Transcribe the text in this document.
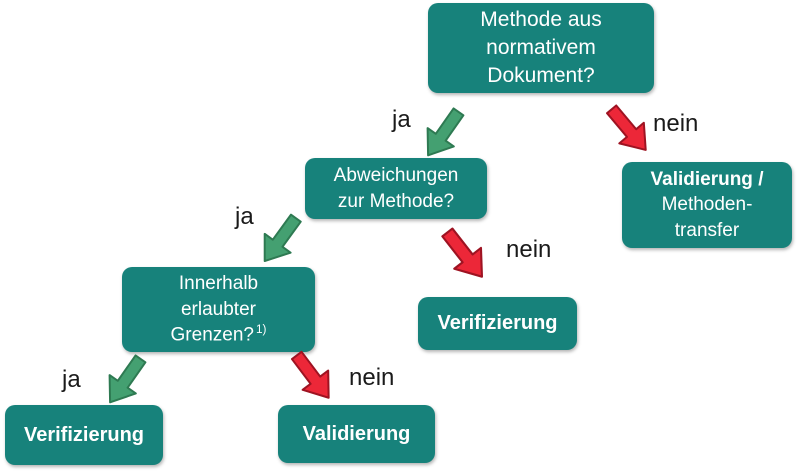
Methode aus
normativem
Dokument?
ja	nein
Abweichungen
zur Methode?
Validierung /
Methoden-
transfer
ja
nein
Innerhalb
erlaubter
Grenzen? $^{1)}$	Verifizierung
ja	nein
Verifizierung	Validierung
